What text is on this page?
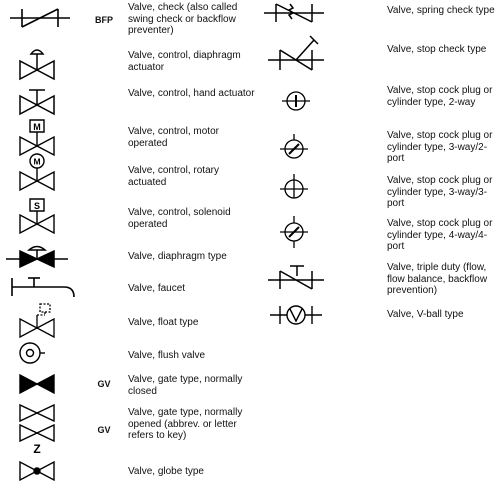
BFP
Valve, check (also called swing check or backflow preventer)
Valve, control, diaphragm actuator
Valve, control, hand actuator
M	Valve, control, motor operated
M
Valve, control, rotary actuated
S
Valve, control, solenoid operated
Valve, diaphragm type
Valve, faucet
Valve, float type
Valve, flush valve
GV	Valve, gate type, normally closed
Z
GV
Valve, gate type, normally opened (abbrev. or letter refers to key)
Valve, globe type
Valve, spring check type
Valve, stop check type
Valve, stop cock plug or cylinder type, 2-way
Valve, stop cock plug or cylinder type, 3-way/2-port
Valve, stop cock plug or cylinder type, 3-way/3-port
Valve, stop cock plug or cylinder type, 4-way/4-port
Valve, triple duty (flow, flow balance, backflow prevention)
Valve, V-ball type
